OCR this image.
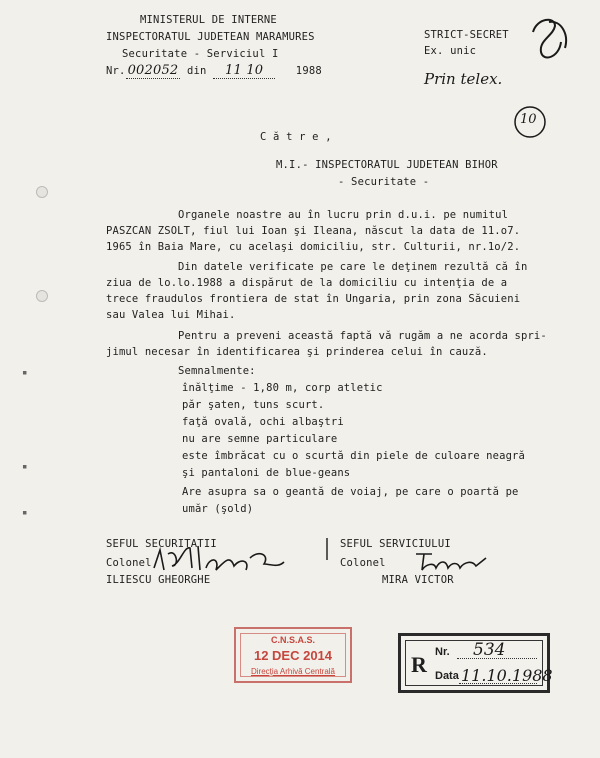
MINISTERUL DE INTERNE
INSPECTORATUL JUDETEAN MARAMURES
Securitate - Serviciul I
Nr. 002052 din 11 10	1988
STRICT-SECRET
Ex. unic
Prin telex.
10
C ă t r e ,
M.I.- INSPECTORATUL JUDETEAN BIHOR
- Securitate -
Organele noastre au în lucru prin d.u.i. pe numitul
PASZCAN ZSOLT, fiul lui Ioan şi Ileana, născut la data de 11.o7.
1965 în Baia Mare, cu acelaşi domiciliu, str. Culturii, nr.1o/2.
Din datele verificate pe care le deţinem rezultă că în
ziua de lo.lo.1988 a dispărut de la domiciliu cu intenţia de a
trece fraudulos frontiera de stat în Ungaria, prin zona Săcuieni
sau Valea lui Mihai.
Pentru a preveni această faptă vă rugăm a ne acorda spri-
jimul necesar în identificarea şi prinderea celui în cauză.
Semnalmente:
înălţime - 1,80 m, corp atletic
păr şaten, tuns scurt.
faţă ovală, ochi albaştri
nu are semne particulare
este îmbrăcat cu o scurtă din piele de culoare neagră
şi pantaloni de blue-geans
Are asupra sa o geantă de voiaj, pe care o poartă pe
umăr (şold)
SEFUL SECURITATII
Colonel
ILIESCU GHEORGHE
SEFUL SERVICIULUI
Colonel
MIRA VICTOR
▪
▪
▪
C.N.S.A.S.
12 DEC 2014
Direcţia Arhivă Centrală	R Nr. 534
Data 11.10.1988
